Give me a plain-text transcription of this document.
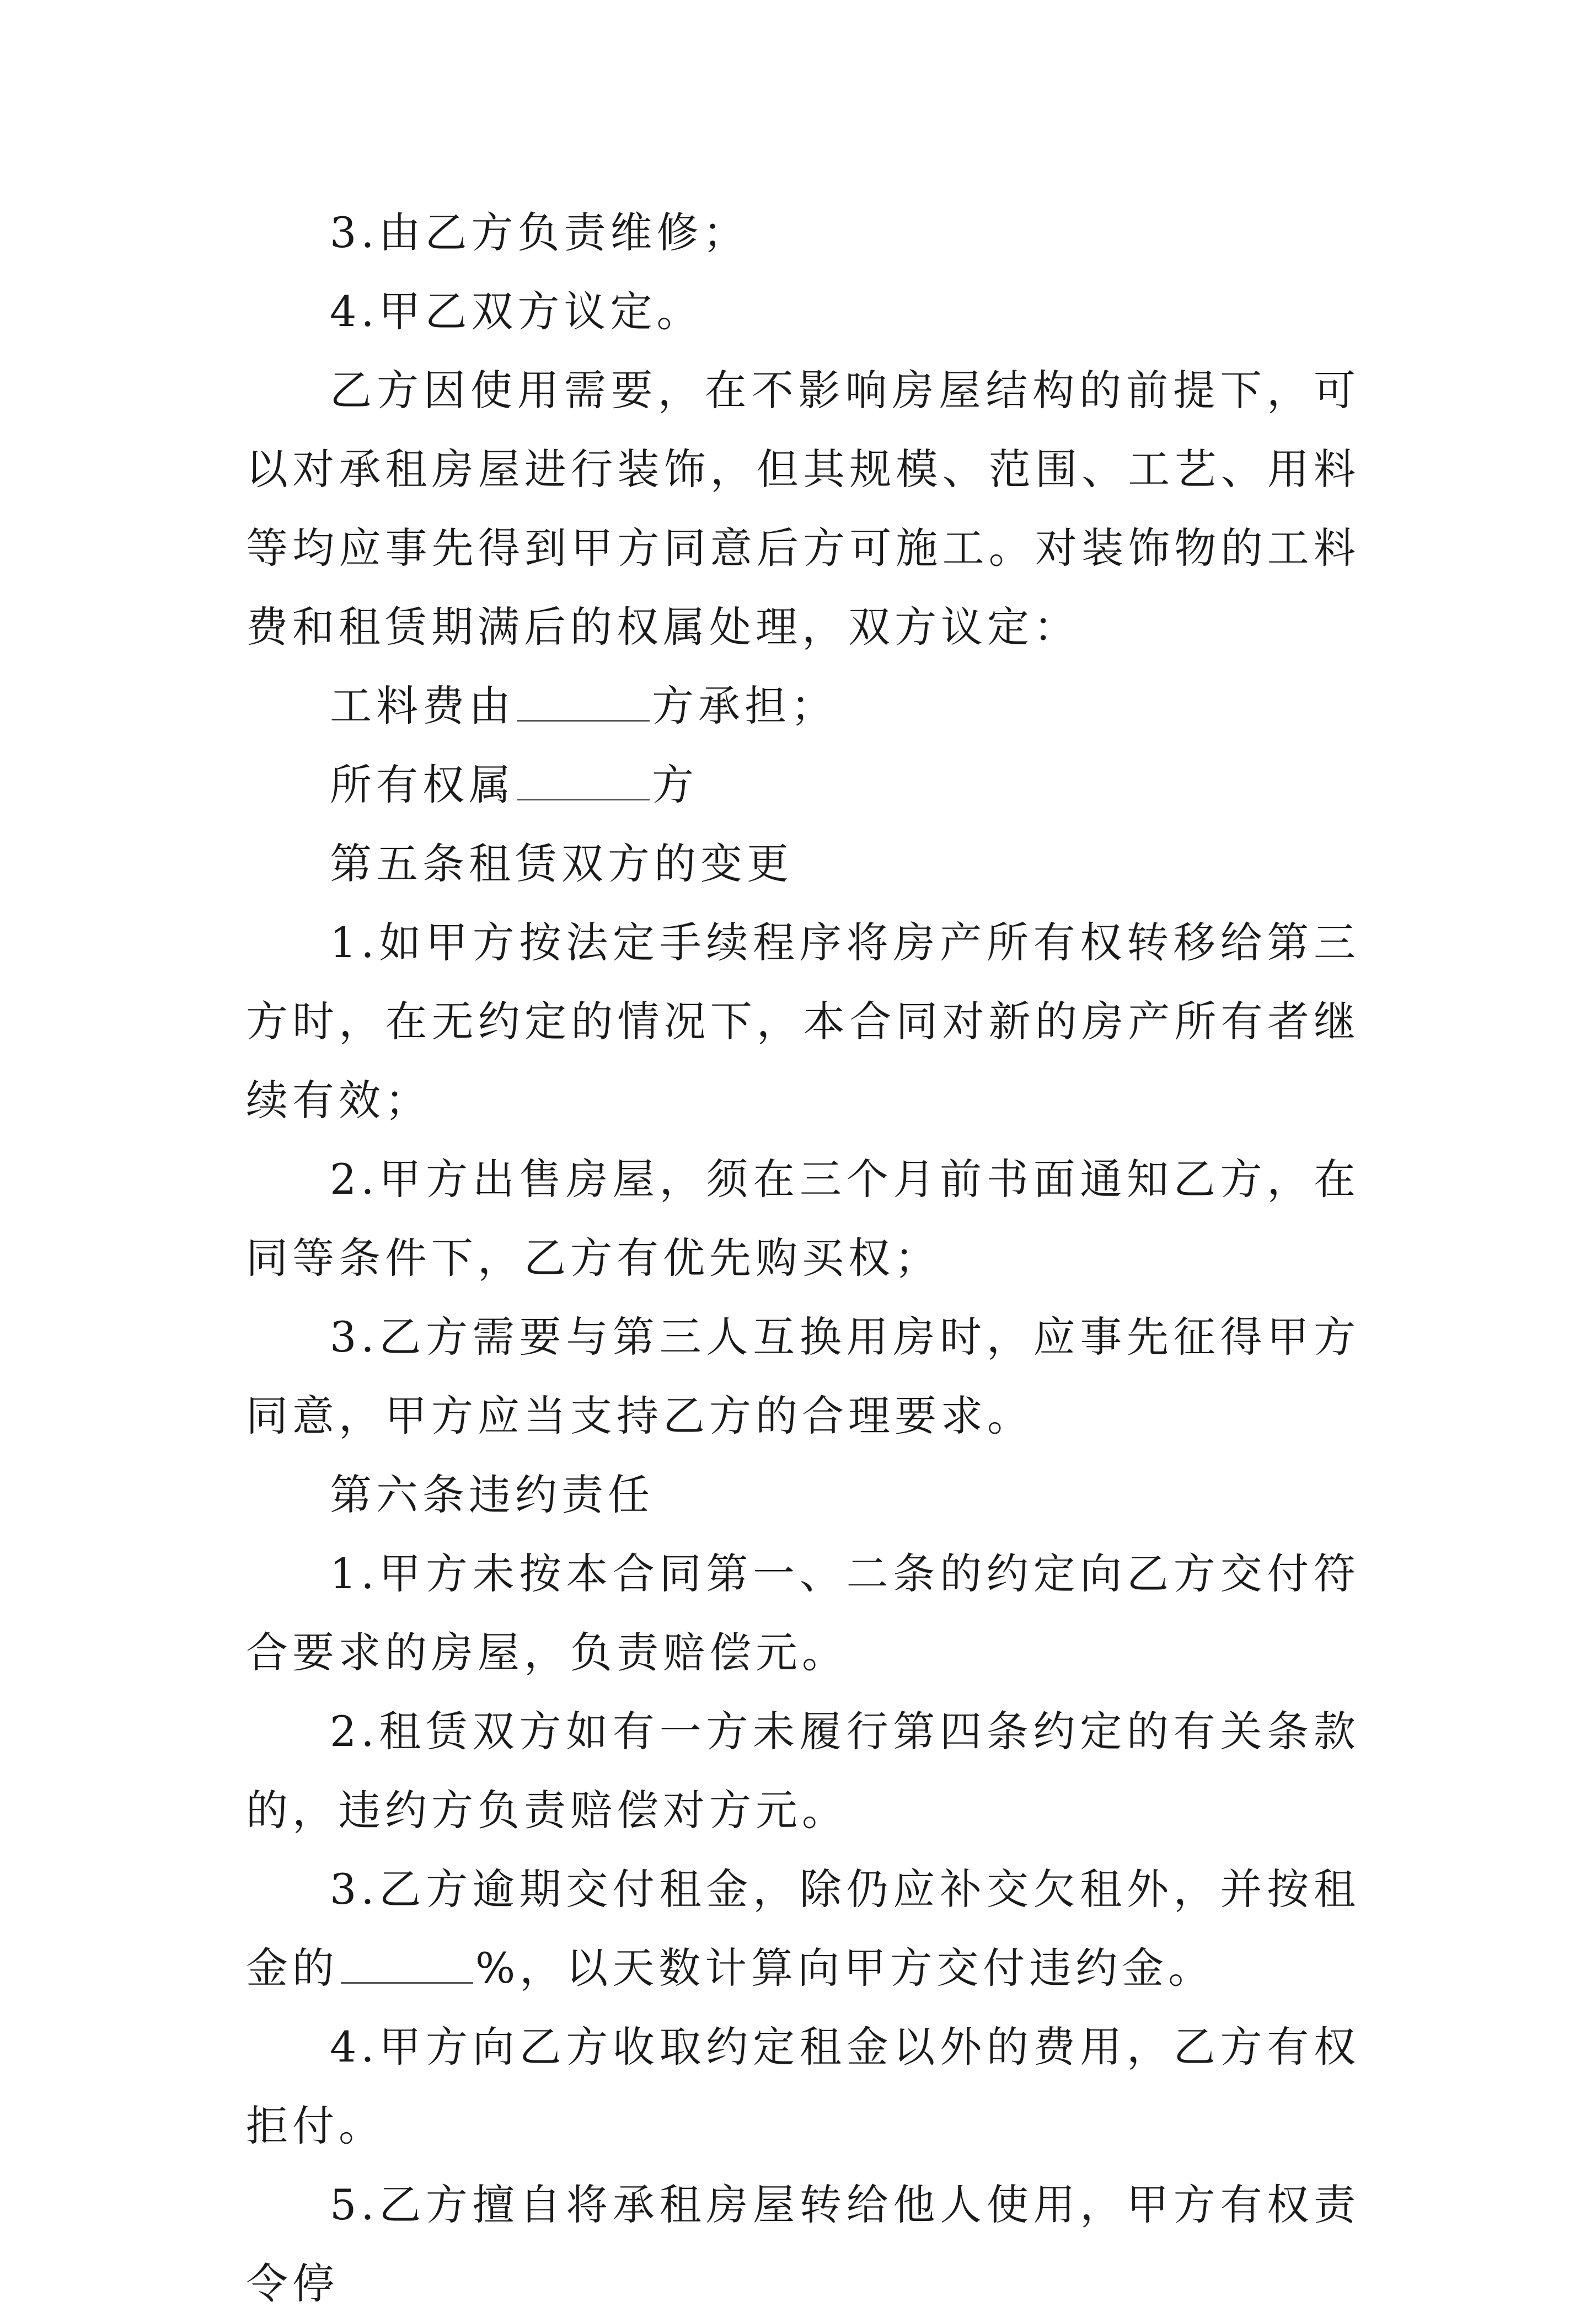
3.由乙方负责维修；

4.甲乙双方议定。

乙方因使用需要，在不影响房屋结构的前提下，可以对承租房屋进行装饰，但其规模、范围、工艺、用料等均应事先得到甲方同意后方可施工。对装饰物的工料费和租赁期满后的权属处理，双方议定：

工料费由	方承担；

所有权属	方

第五条租赁双方的变更

1.如甲方按法定手续程序将房产所有权转移给第三方时，在无约定的情况下，本合同对新的房产所有者继续有效；

2.甲方出售房屋，须在三个月前书面通知乙方，在同等条件下，乙方有优先购买权；

3.乙方需要与第三人互换用房时，应事先征得甲方同意，甲方应当支持乙方的合理要求。

第六条违约责任

1.甲方未按本合同第一、二条的约定向乙方交付符合要求的房屋，负责赔偿元。

2.租赁双方如有一方未履行第四条约定的有关条款的，违约方负责赔偿对方元。

3.乙方逾期交付租金，除仍应补交欠租外，并按租金的	%，以天数计算向甲方交付违约金。

4.甲方向乙方收取约定租金以外的费用，乙方有权拒付。

5.乙方擅自将承租房屋转给他人使用，甲方有权责令停
